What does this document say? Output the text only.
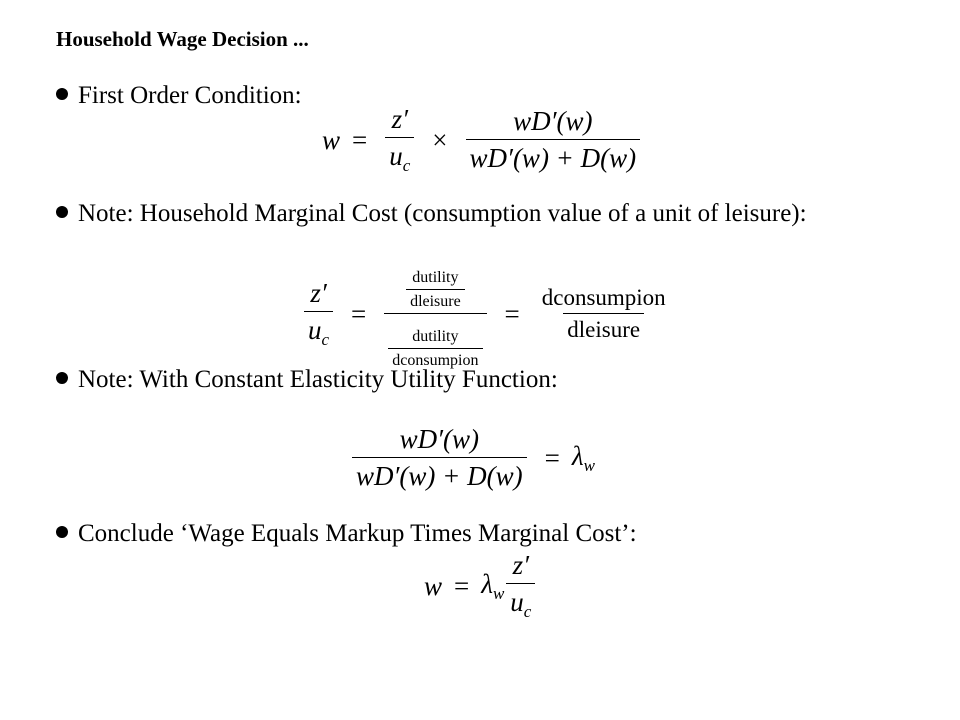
Household Wage Decision ...
First Order Condition:
$w = \frac{z'}{u_c} \times \frac{wD'(w)}{wD'(w) + D(w)}$
Note: Household Marginal Cost (consumption value of a unit of leisure):
$\frac{z'}{u_c} = \frac{\frac{\text{dutility}}{\text{dleisure}}}{\frac{\text{dutility}}{\text{dconsumpion}}} = \frac{\text{dconsumpion}}{\text{dleisure}}$
Note: With Constant Elasticity Utility Function:
$\frac{wD'(w)}{wD'(w) + D(w)} = \lambda_w$
Conclude ‘Wage Equals Markup Times Marginal Cost’:
$w = \lambda_w \frac{z'}{u_c}$
